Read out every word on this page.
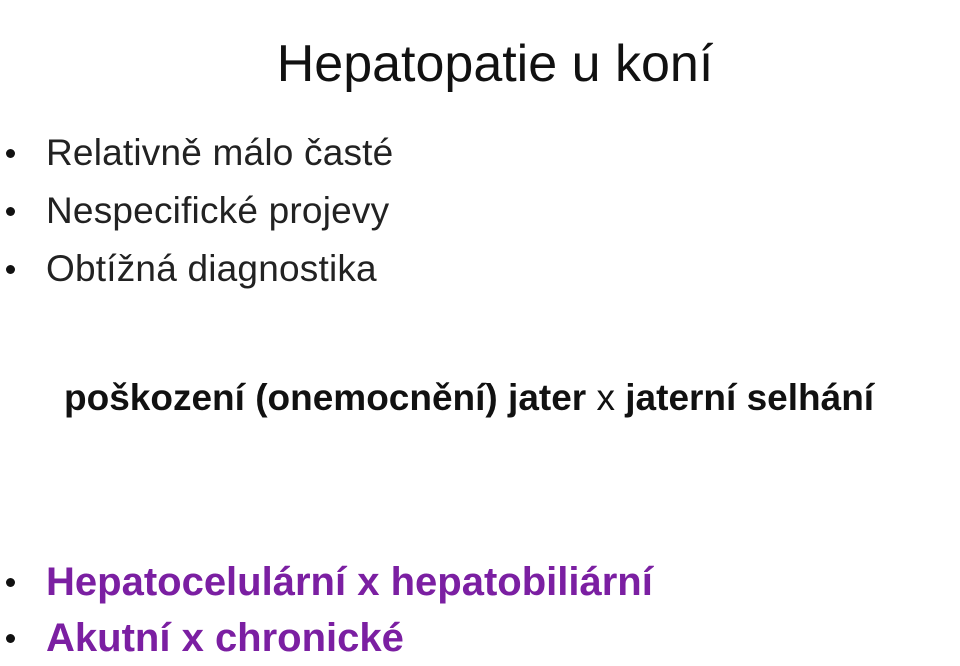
Hepatopatie u koní
Relativně málo časté
Nespecifické projevy
Obtížná diagnostika
poškození (onemocnění) jater x jaterní selhání
Hepatocelulární x hepatobiliární
Akutní x chronické
